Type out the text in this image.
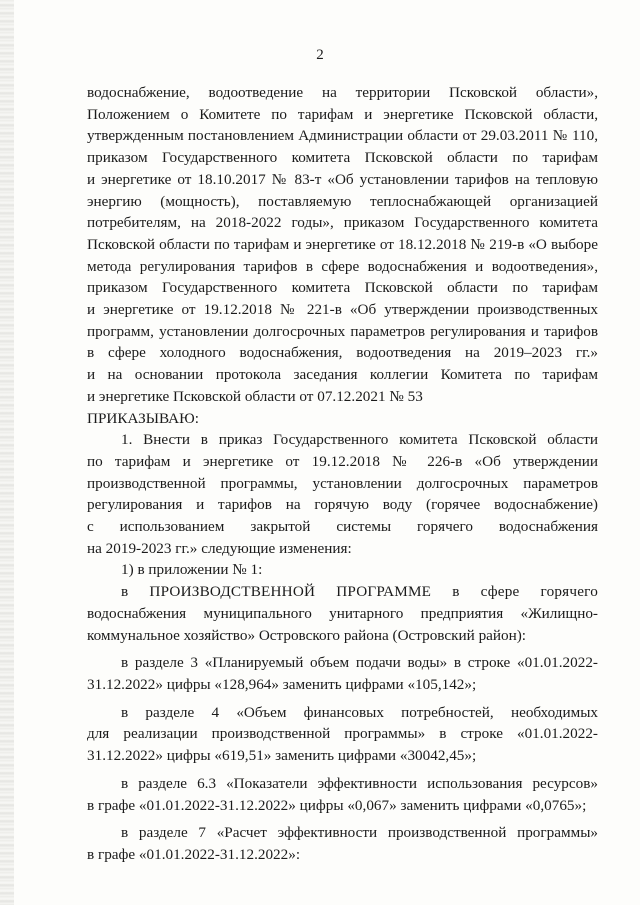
2

водоснабжение, водоотведение на территории Псковской области»,

Положением о Комитете по тарифам и энергетике Псковской области,

утвержденным постановлением Администрации области от 29.03.2011 № 110,

приказом Государственного комитета Псковской области по тарифам

и энергетике от 18.10.2017 № 83-т «Об установлении тарифов на тепловую

энергию (мощность), поставляемую теплоснабжающей организацией

потребителям, на 2018-2022 годы», приказом Государственного комитета

Псковской области по тарифам и энергетике от 18.12.2018 № 219-в «О выборе

метода регулирования тарифов в сфере водоснабжения и водоотведения»,

приказом Государственного комитета Псковской области по тарифам

и энергетике от 19.12.2018 № 221-в «Об утверждении производственных

программ, установлении долгосрочных параметров регулирования и тарифов

в сфере холодного водоснабжения, водоотведения на 2019–2023 гг.»

и на основании протокола заседания коллегии Комитета по тарифам

и энергетике Псковской области от 07.12.2021 № 53

ПРИКАЗЫВАЮ:

1. Внести в приказ Государственного комитета Псковской области

по тарифам и энергетике от 19.12.2018 № 226-в «Об утверждении

производственной программы, установлении долгосрочных параметров

регулирования и тарифов на горячую воду (горячее водоснабжение)

с использованием закрытой системы горячего водоснабжения

на 2019-2023 гг.» следующие изменения:

1) в приложении № 1:

в ПРОИЗВОДСТВЕННОЙ ПРОГРАММЕ в сфере горячего

водоснабжения муниципального унитарного предприятия «Жилищно-

коммунальное хозяйство» Островского района (Островский район):

в разделе 3 «Планируемый объем подачи воды» в строке «01.01.2022-

31.12.2022» цифры «128,964» заменить цифрами «105,142»;

в разделе 4 «Объем финансовых потребностей, необходимых

для реализации производственной программы» в строке «01.01.2022-

31.12.2022» цифры «619,51» заменить цифрами «30042,45»;

в разделе 6.3 «Показатели эффективности использования ресурсов»

в графе «01.01.2022-31.12.2022» цифры «0,067» заменить цифрами «0,0765»;

в разделе 7 «Расчет эффективности производственной программы»

в графе «01.01.2022-31.12.2022»:
